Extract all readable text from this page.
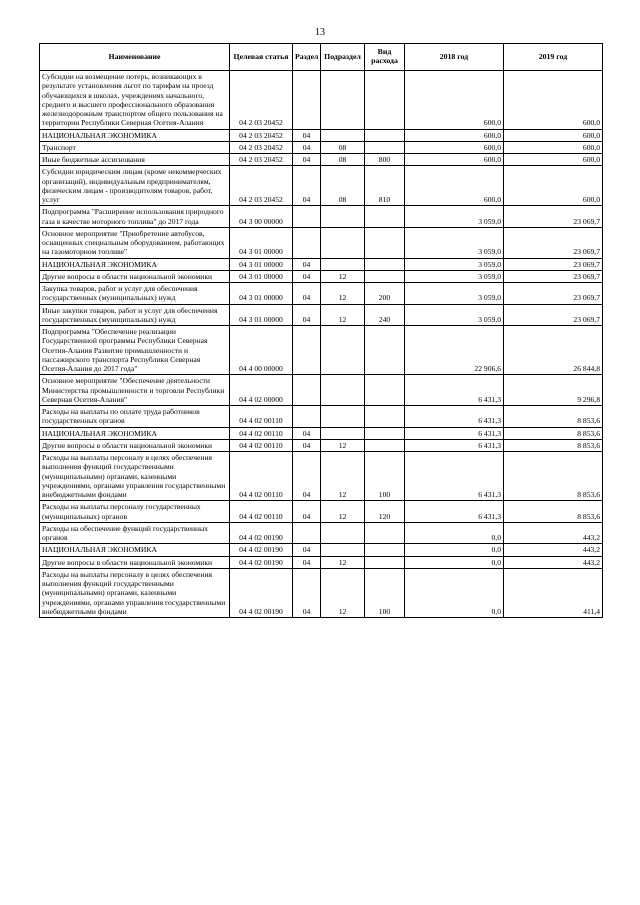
13
Наименование	Целевая статья	Раздел	Подраздел	Вид расхода	2018 год	2019 год
Субсидии на возмещение потерь, возникающих в результате установления льгот по тарифам на проезд обучающихся в школах, учреждениях начального, среднего и высшего профессионального образования железнодорожным транспортом общего пользования на территории Республики Северная Осетия-Алания	04 2 03 20452				600,0	600,0
НАЦИОНАЛЬНАЯ ЭКОНОМИКА	04 2 03 20452	04			600,0	600,0
Транспорт	04 2 03 20452	04	08		600,0	600,0
Иные бюджетные ассигнования	04 2 03 20452	04	08	800	600,0	600,0
Субсидии юридическим лицам (кроме некоммерческих организаций), индивидуальным предпринимателям, физическим лицам - производителям товаров, работ, услуг	04 2 03 20452	04	08	810	600,0	600,0
Подпрограмма "Расширение использования природного газа в качестве моторного топлива" до 2017 года	04 3 00 00000				3 059,0	23 069,7
Основное мероприятие "Приобретение автобусов, оснащенных специальным оборудованием, работающих на газомоторном топливе"	04 3 01 00000				3 059,0	23 069,7
НАЦИОНАЛЬНАЯ ЭКОНОМИКА	04 3 01 00000	04			3 059,0	23 069,7
Другие вопросы в области национальной экономики	04 3 01 00000	04	12		3 059,0	23 069,7
Закупка товаров, работ и услуг для обеспечения государственных (муниципальных) нужд	04 3 01 00000	04	12	200	3 059,0	23 069,7
Иные закупки товаров, работ и услуг для обеспечения государственных (муниципальных) нужд	04 3 01 00000	04	12	240	3 059,0	23 069,7
Подпрограмма "Обеспечение реализации Государственной программы Республики Северная Осетия-Алания Развитие промышленности и пассажирского транспорта Республики Северная Осетия-Алания до 2017 года"	04 4 00 00000				22 906,6	26 844,8
Основное мероприятие "Обеспечение деятельности Министерства промышленности и торговли Республики Северная Осетия-Алания"	04 4 02 00000				6 431,3	9 296,8
Расходы на выплаты по оплате труда работников государственных органов	04 4 02 00110				6 431,3	8 853,6
НАЦИОНАЛЬНАЯ ЭКОНОМИКА	04 4 02 00110	04			6 431,3	8 853,6
Другие вопросы в области национальной экономики	04 4 02 00110	04	12		6 431,3	8 853,6
Расходы на выплаты персоналу в целях обеспечения выполнения функций государственными (муниципальными) органами, казенными учреждениями, органами управления государственными внебюджетными фондами	04 4 02 00110	04	12	100	6 431,3	8 853,6
Расходы на выплаты персоналу государственных (муниципальных) органов	04 4 02 00110	04	12	120	6 431,3	8 853,6
Расходы на обеспечение функций государственных органов	04 4 02 00190				0,0	443,2
НАЦИОНАЛЬНАЯ ЭКОНОМИКА	04 4 02 00190	04			0,0	443,2
Другие вопросы в области национальной экономики	04 4 02 00190	04	12		0,0	443,2
Расходы на выплаты персоналу в целях обеспечения выполнения функций государственными (муниципальными) органами, казенными учреждениями, органами управления государственными внебюджетными фондами	04 4 02 00190	04	12	100	0,0	411,4
